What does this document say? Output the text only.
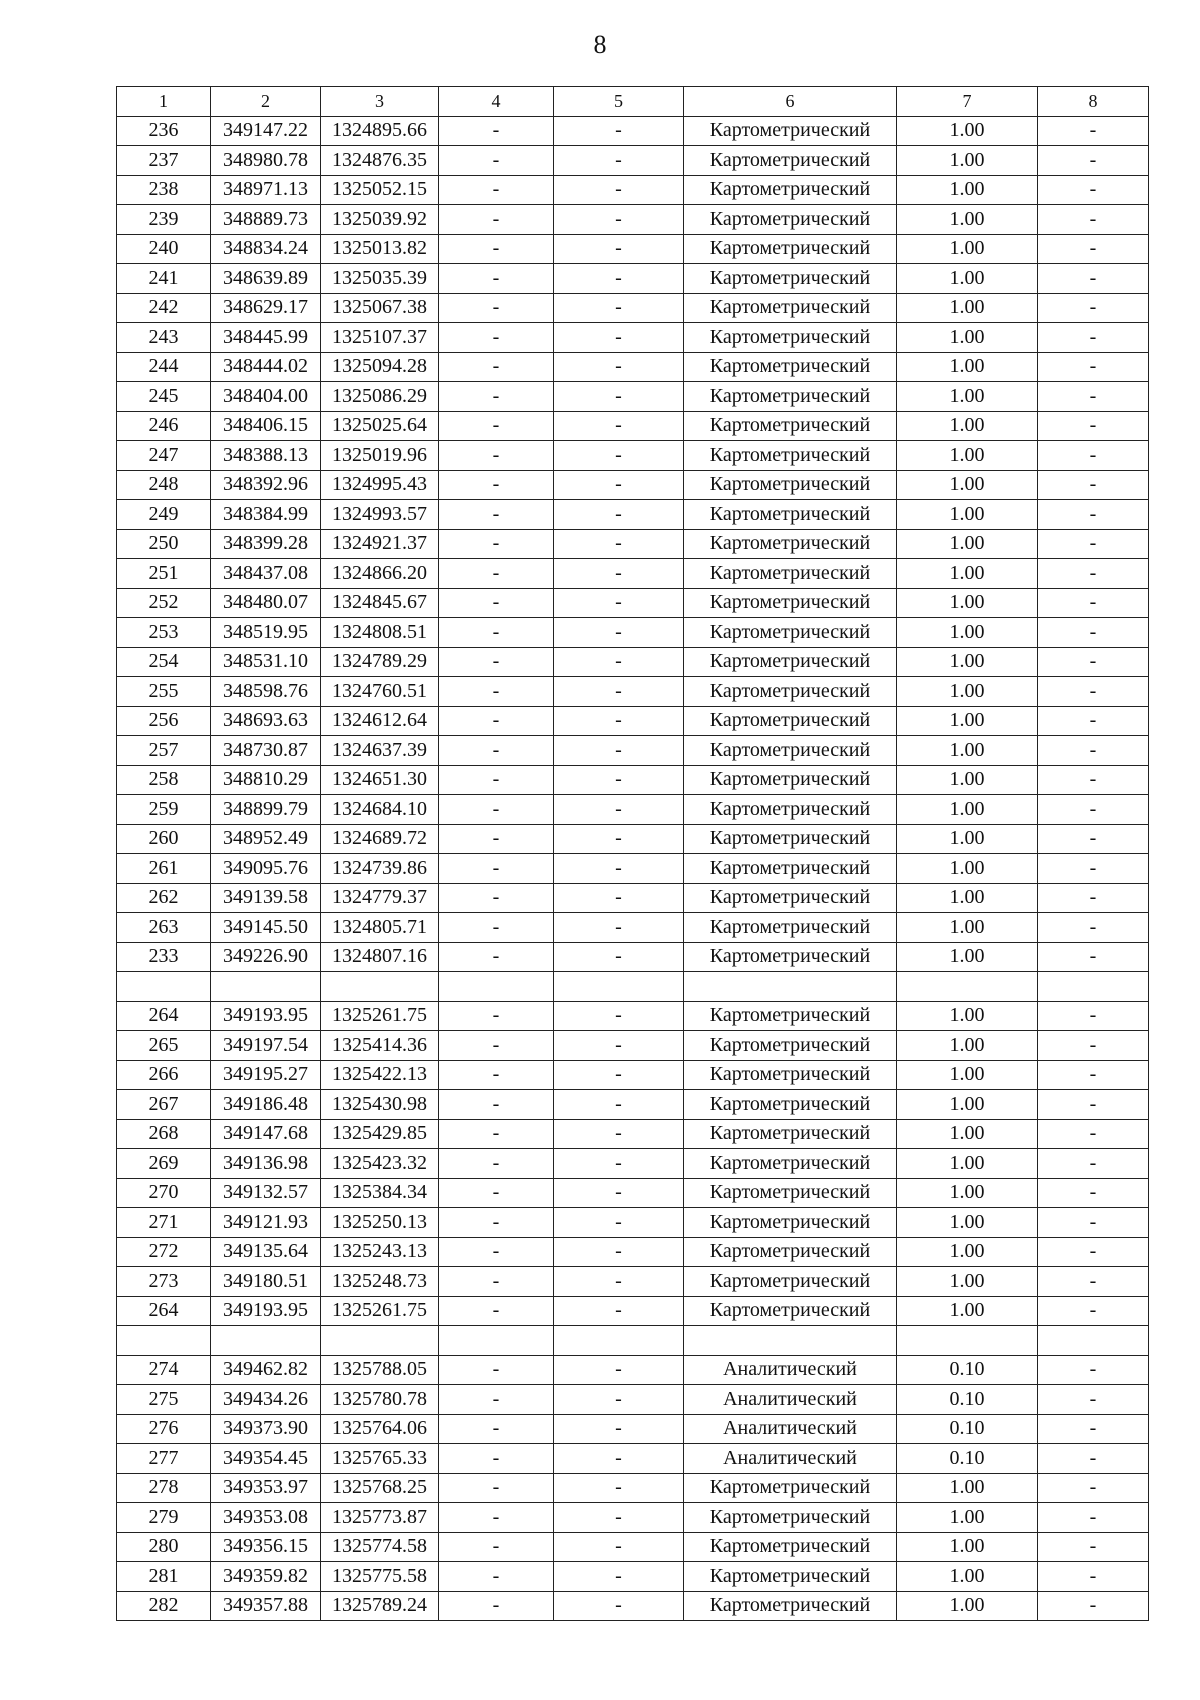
8
1	2	3	4	5	6	7	8
236	349147.22	1324895.66	-	-	Картометрический	1.00	-
237	348980.78	1324876.35	-	-	Картометрический	1.00	-
238	348971.13	1325052.15	-	-	Картометрический	1.00	-
239	348889.73	1325039.92	-	-	Картометрический	1.00	-
240	348834.24	1325013.82	-	-	Картометрический	1.00	-
241	348639.89	1325035.39	-	-	Картометрический	1.00	-
242	348629.17	1325067.38	-	-	Картометрический	1.00	-
243	348445.99	1325107.37	-	-	Картометрический	1.00	-
244	348444.02	1325094.28	-	-	Картометрический	1.00	-
245	348404.00	1325086.29	-	-	Картометрический	1.00	-
246	348406.15	1325025.64	-	-	Картометрический	1.00	-
247	348388.13	1325019.96	-	-	Картометрический	1.00	-
248	348392.96	1324995.43	-	-	Картометрический	1.00	-
249	348384.99	1324993.57	-	-	Картометрический	1.00	-
250	348399.28	1324921.37	-	-	Картометрический	1.00	-
251	348437.08	1324866.20	-	-	Картометрический	1.00	-
252	348480.07	1324845.67	-	-	Картометрический	1.00	-
253	348519.95	1324808.51	-	-	Картометрический	1.00	-
254	348531.10	1324789.29	-	-	Картометрический	1.00	-
255	348598.76	1324760.51	-	-	Картометрический	1.00	-
256	348693.63	1324612.64	-	-	Картометрический	1.00	-
257	348730.87	1324637.39	-	-	Картометрический	1.00	-
258	348810.29	1324651.30	-	-	Картометрический	1.00	-
259	348899.79	1324684.10	-	-	Картометрический	1.00	-
260	348952.49	1324689.72	-	-	Картометрический	1.00	-
261	349095.76	1324739.86	-	-	Картометрический	1.00	-
262	349139.58	1324779.37	-	-	Картометрический	1.00	-
263	349145.50	1324805.71	-	-	Картометрический	1.00	-
233	349226.90	1324807.16	-	-	Картометрический	1.00	-

264	349193.95	1325261.75	-	-	Картометрический	1.00	-
265	349197.54	1325414.36	-	-	Картометрический	1.00	-
266	349195.27	1325422.13	-	-	Картометрический	1.00	-
267	349186.48	1325430.98	-	-	Картометрический	1.00	-
268	349147.68	1325429.85	-	-	Картометрический	1.00	-
269	349136.98	1325423.32	-	-	Картометрический	1.00	-
270	349132.57	1325384.34	-	-	Картометрический	1.00	-
271	349121.93	1325250.13	-	-	Картометрический	1.00	-
272	349135.64	1325243.13	-	-	Картометрический	1.00	-
273	349180.51	1325248.73	-	-	Картометрический	1.00	-
264	349193.95	1325261.75	-	-	Картометрический	1.00	-

274	349462.82	1325788.05	-	-	Аналитический	0.10	-
275	349434.26	1325780.78	-	-	Аналитический	0.10	-
276	349373.90	1325764.06	-	-	Аналитический	0.10	-
277	349354.45	1325765.33	-	-	Аналитический	0.10	-
278	349353.97	1325768.25	-	-	Картометрический	1.00	-
279	349353.08	1325773.87	-	-	Картометрический	1.00	-
280	349356.15	1325774.58	-	-	Картометрический	1.00	-
281	349359.82	1325775.58	-	-	Картометрический	1.00	-
282	349357.88	1325789.24	-	-	Картометрический	1.00	-
